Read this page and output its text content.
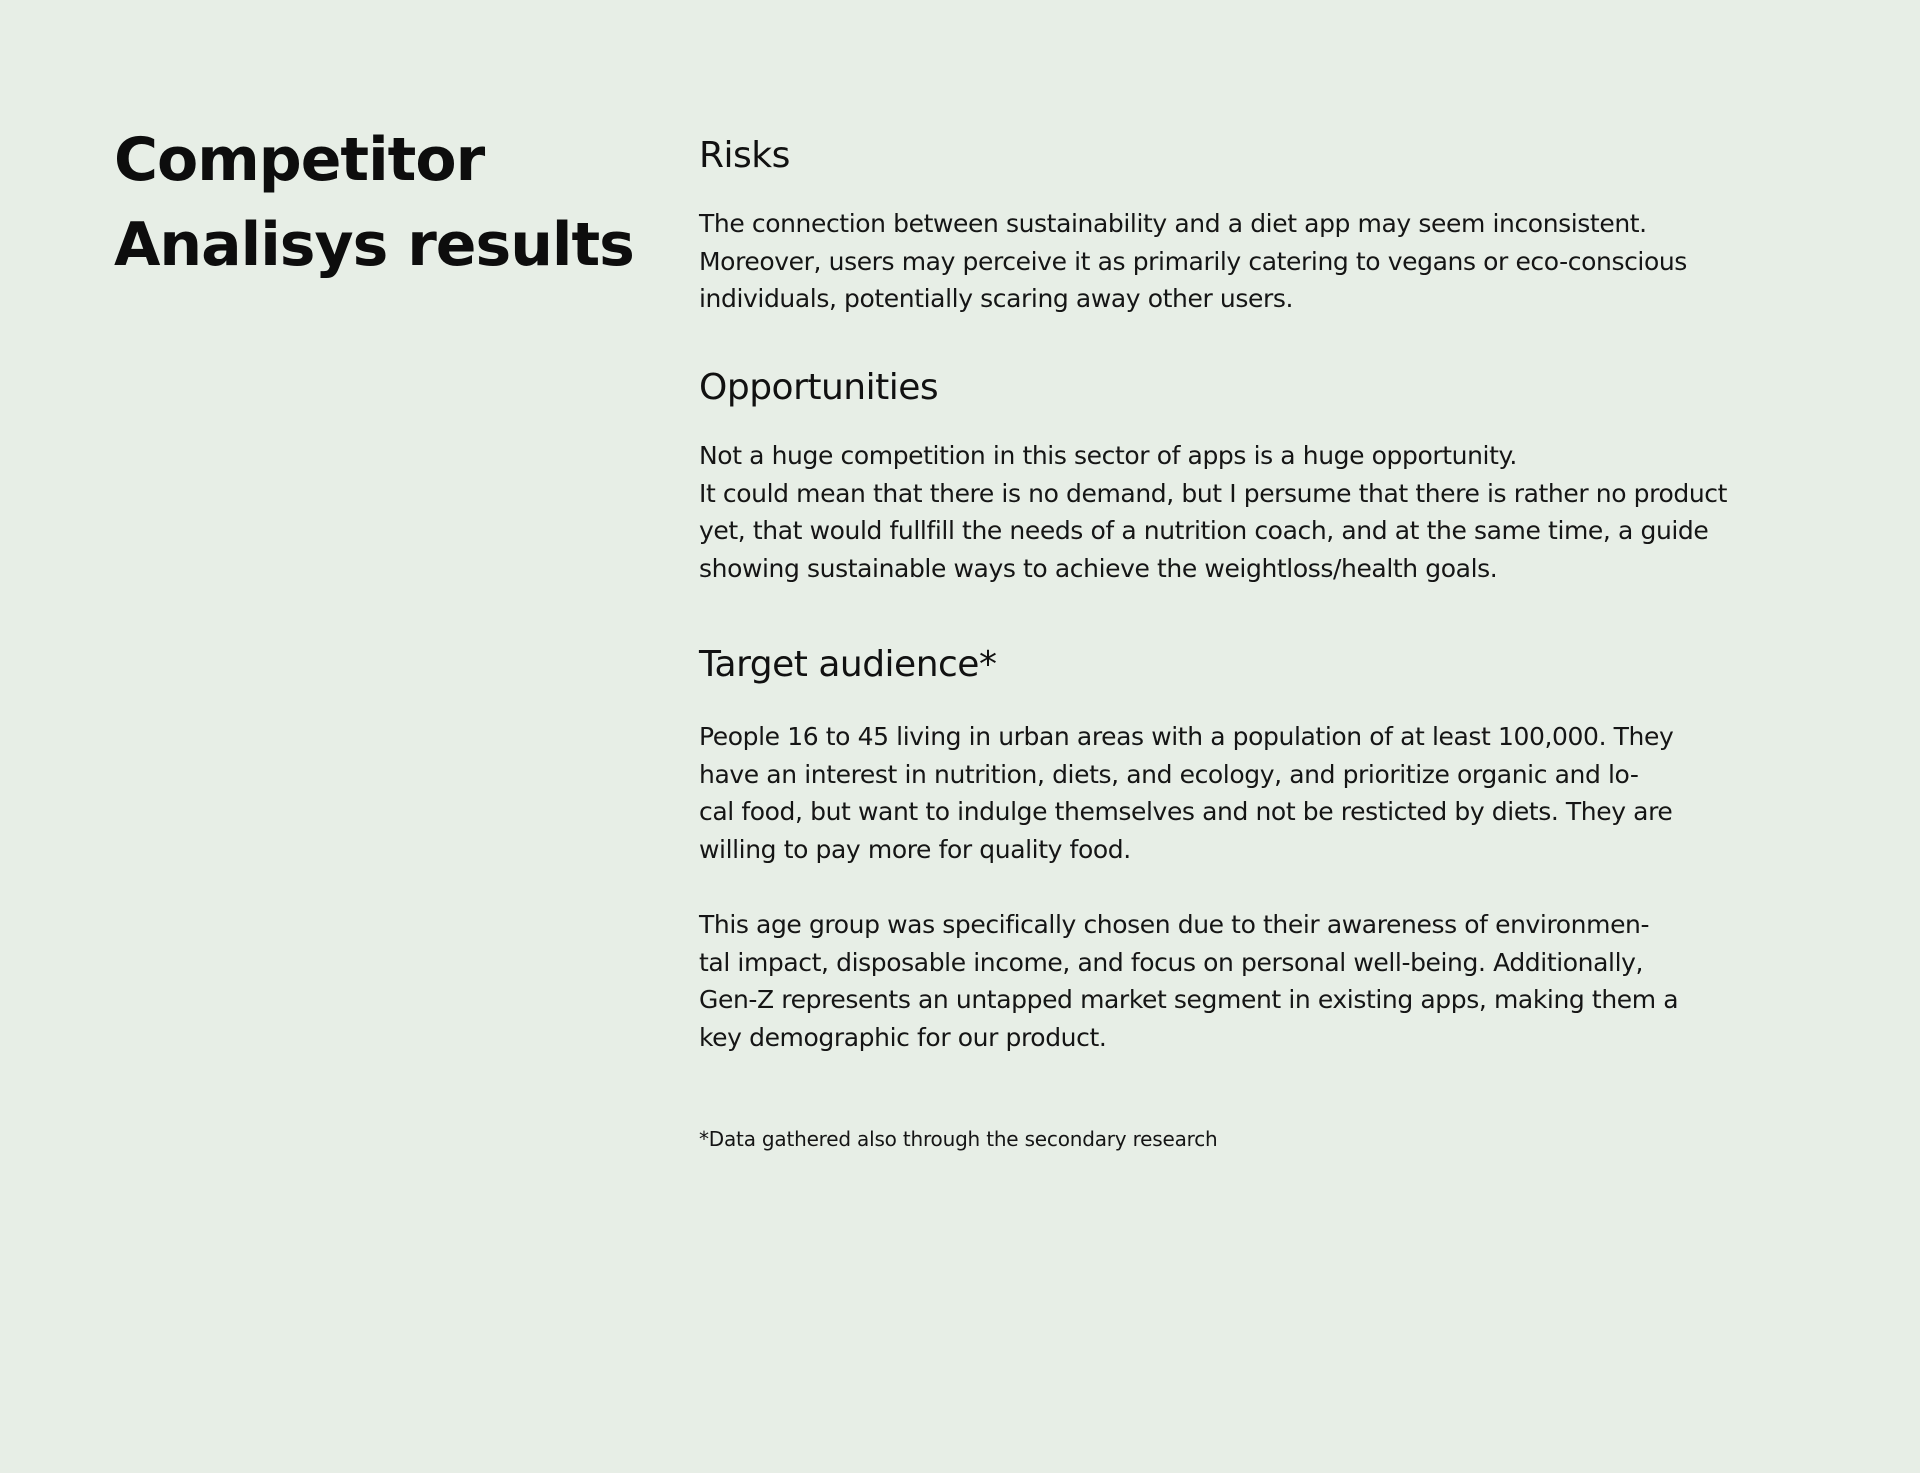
Competitor
Analisys results
Risks

The connection between sustainability and a diet app may seem inconsistent.
Moreover, users may perceive it as primarily catering to vegans or eco-conscious
individuals, potentially scaring away other users.

Opportunities

Not a huge competition in this sector of apps is a huge opportunity.
It could mean that there is no demand, but I persume that there is rather no product
yet, that would fullfill the needs of a nutrition coach, and at the same time, a guide
showing sustainable ways to achieve the weightloss/health goals.

Target audience*

People 16 to 45 living in urban areas with a population of at least 100,000. They
have an interest in nutrition, diets, and ecology, and prioritize organic and lo-
cal food, but want to indulge themselves and not be resticted by diets. They are
willing to pay more for quality food.

This age group was specifically chosen due to their awareness of environmen-
tal impact, disposable income, and focus on personal well-being. Additionally,
Gen-Z represents an untapped market segment in existing apps, making them a
key demographic for our product.

*Data gathered also through the secondary research
